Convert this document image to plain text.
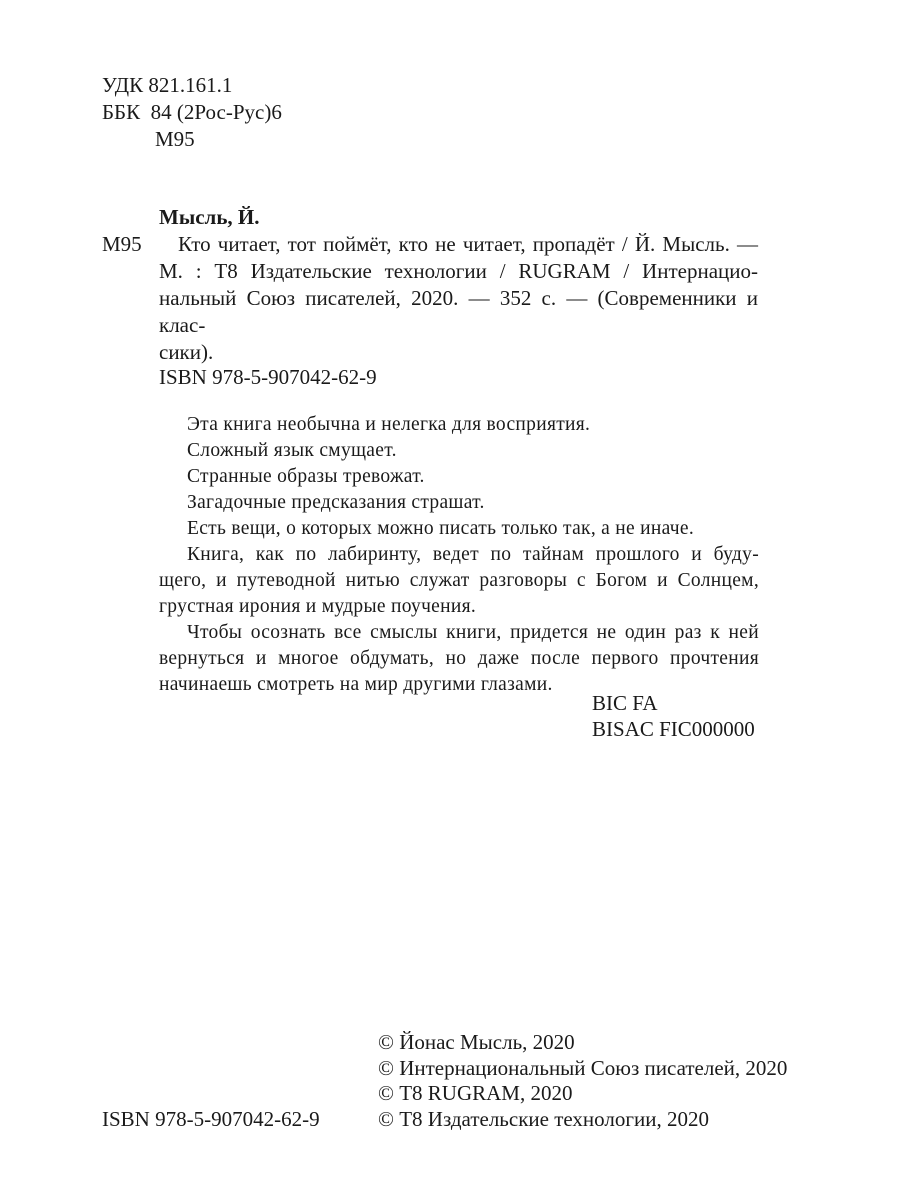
УДК 821.161.1
ББК  84 (2Рос-Рус)6
М95
Мысль, Й.
М95 Кто читает, тот поймёт, кто не читает, пропадёт / Й. Мысль. —
М. : Т8 Издательские технологии / RUGRAM / Интернацио-
нальный Союз писателей, 2020. — 352 с. — (Современники и клас-
сики).
ISBN 978-5-907042-62-9
Эта книга необычна и нелегка для восприятия.
Сложный язык смущает.
Странные образы тревожат.
Загадочные предсказания страшат.
Есть вещи, о которых можно писать только так, а не иначе.
Книга, как по лабиринту, ведет по тайнам прошлого и буду-
щего, и путеводной нитью служат разговоры с Богом и Солнцем,
грустная ирония и мудрые поучения.
Чтобы осознать все смыслы книги, придется не один раз к ней
вернуться и многое обдумать, но даже после первого прочтения
начинаешь смотреть на мир другими глазами.
BIC FA
BISAC FIC000000
ISBN 978-5-907042-62-9
© Йонас Мысль, 2020
© Интернациональный Союз писателей, 2020
© Т8 RUGRAM, 2020
© Т8 Издательские технологии, 2020
